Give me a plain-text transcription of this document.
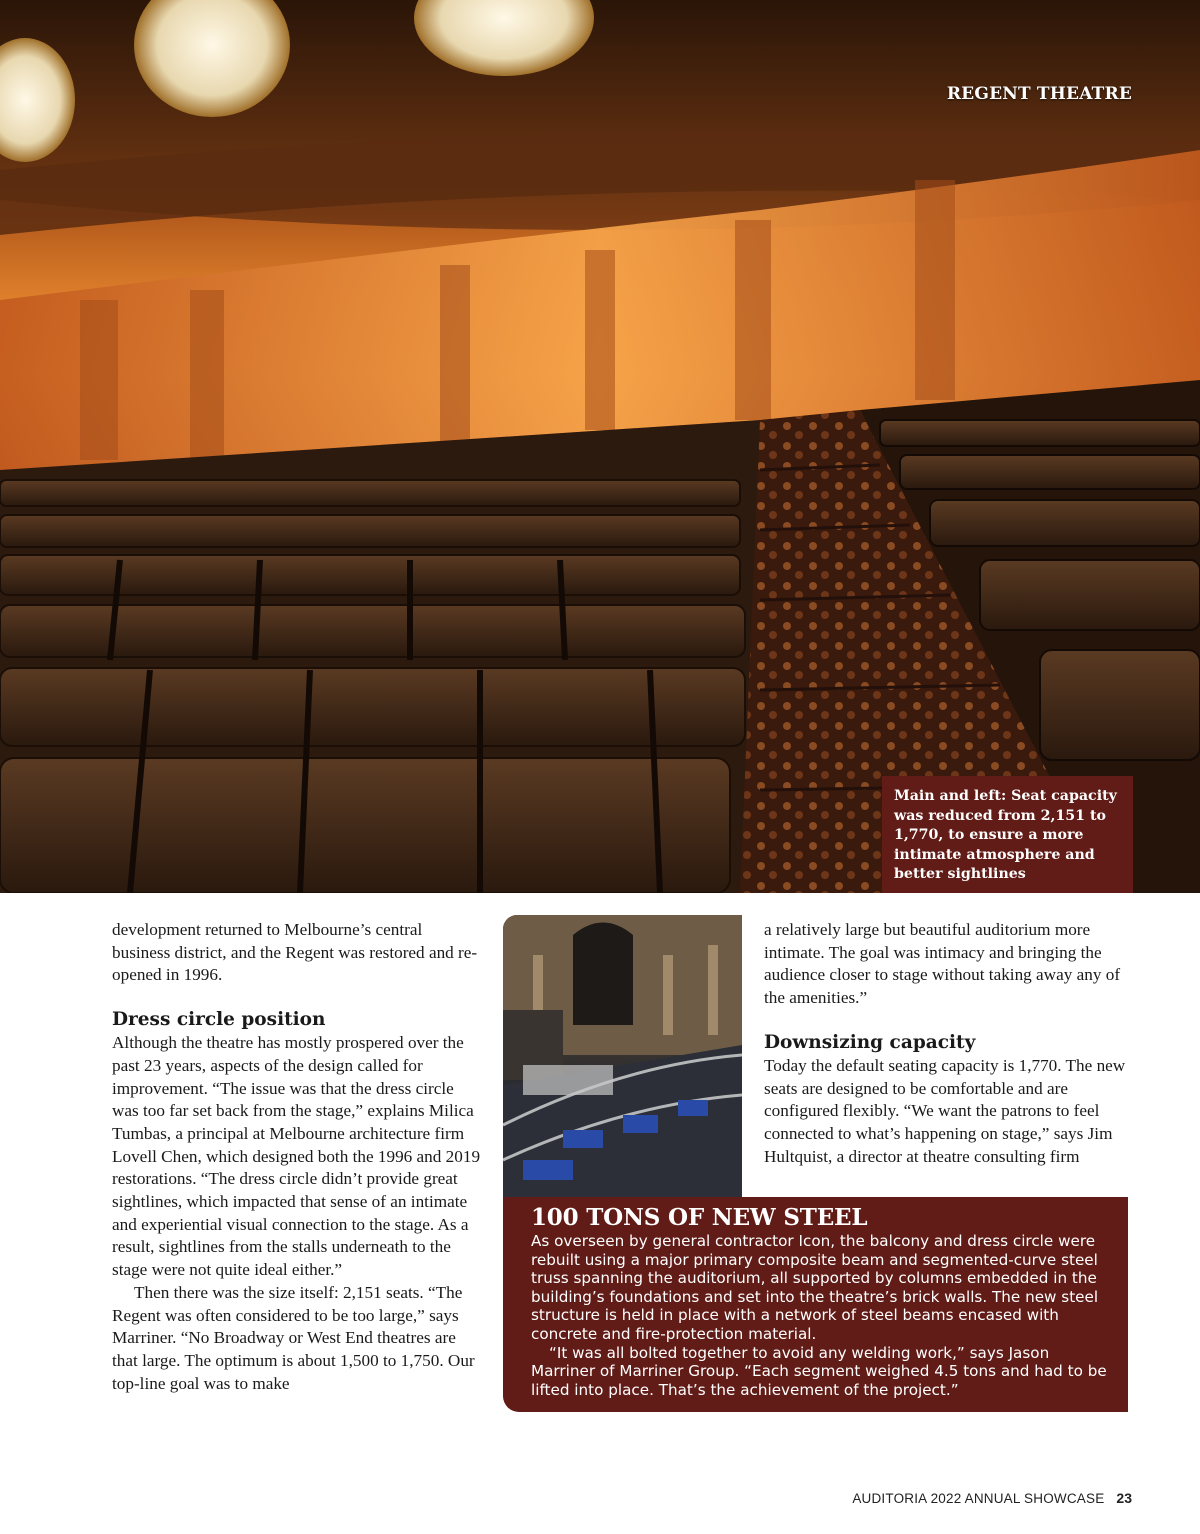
REGENT THEATRE
Main and left: Seat capacity was reduced from 2,151 to 1,770, to ensure a more intimate atmosphere and better sightlines

development returned to Melbourne’s central business district, and the Regent was restored and re-opened in 1996.

Dress circle position

Although the theatre has mostly prospered over the past 23 years, aspects of the design called for improvement. “The issue was that the dress circle was too far set back from the stage,” explains Milica Tumbas, a principal at Melbourne architecture firm Lovell Chen, which designed both the 1996 and 2019 restorations. “The dress circle didn’t provide great sightlines, which impacted that sense of an intimate and experiential visual connection to the stage. As a result, sightlines from the stalls underneath to the stage were not quite ideal either.”

Then there was the size itself: 2,151 seats. “The Regent was often considered to be too large,” says Marriner. “No Broadway or West End theatres are that large. The optimum is about 1,500 to 1,750. Our top-line goal was to make

a relatively large but beautiful auditorium more intimate. The goal was intimacy and bringing the audience closer to stage without taking away any of the amenities.”

Downsizing capacity

Today the default seating capacity is 1,770. The new seats are designed to be comfortable and are configured flexibly. “We want the patrons to feel connected to what’s happening on stage,” says Jim Hultquist, a director at theatre consulting firm

100 TONS OF NEW STEEL

As overseen by general contractor Icon, the balcony and dress circle were rebuilt using a major primary composite beam and segmented-curve steel truss spanning the auditorium, all supported by columns embedded in the building’s foundations and set into the theatre’s brick walls. The new steel structure is held in place with a network of steel beams encased with concrete and fire-protection material.

“It was all bolted together to avoid any welding work,” says Jason Marriner of Marriner Group. “Each segment weighed 4.5 tons and had to be lifted into place. That’s the achievement of the project.”

AUDITORIA 2022 ANNUAL SHOWCASE 23
